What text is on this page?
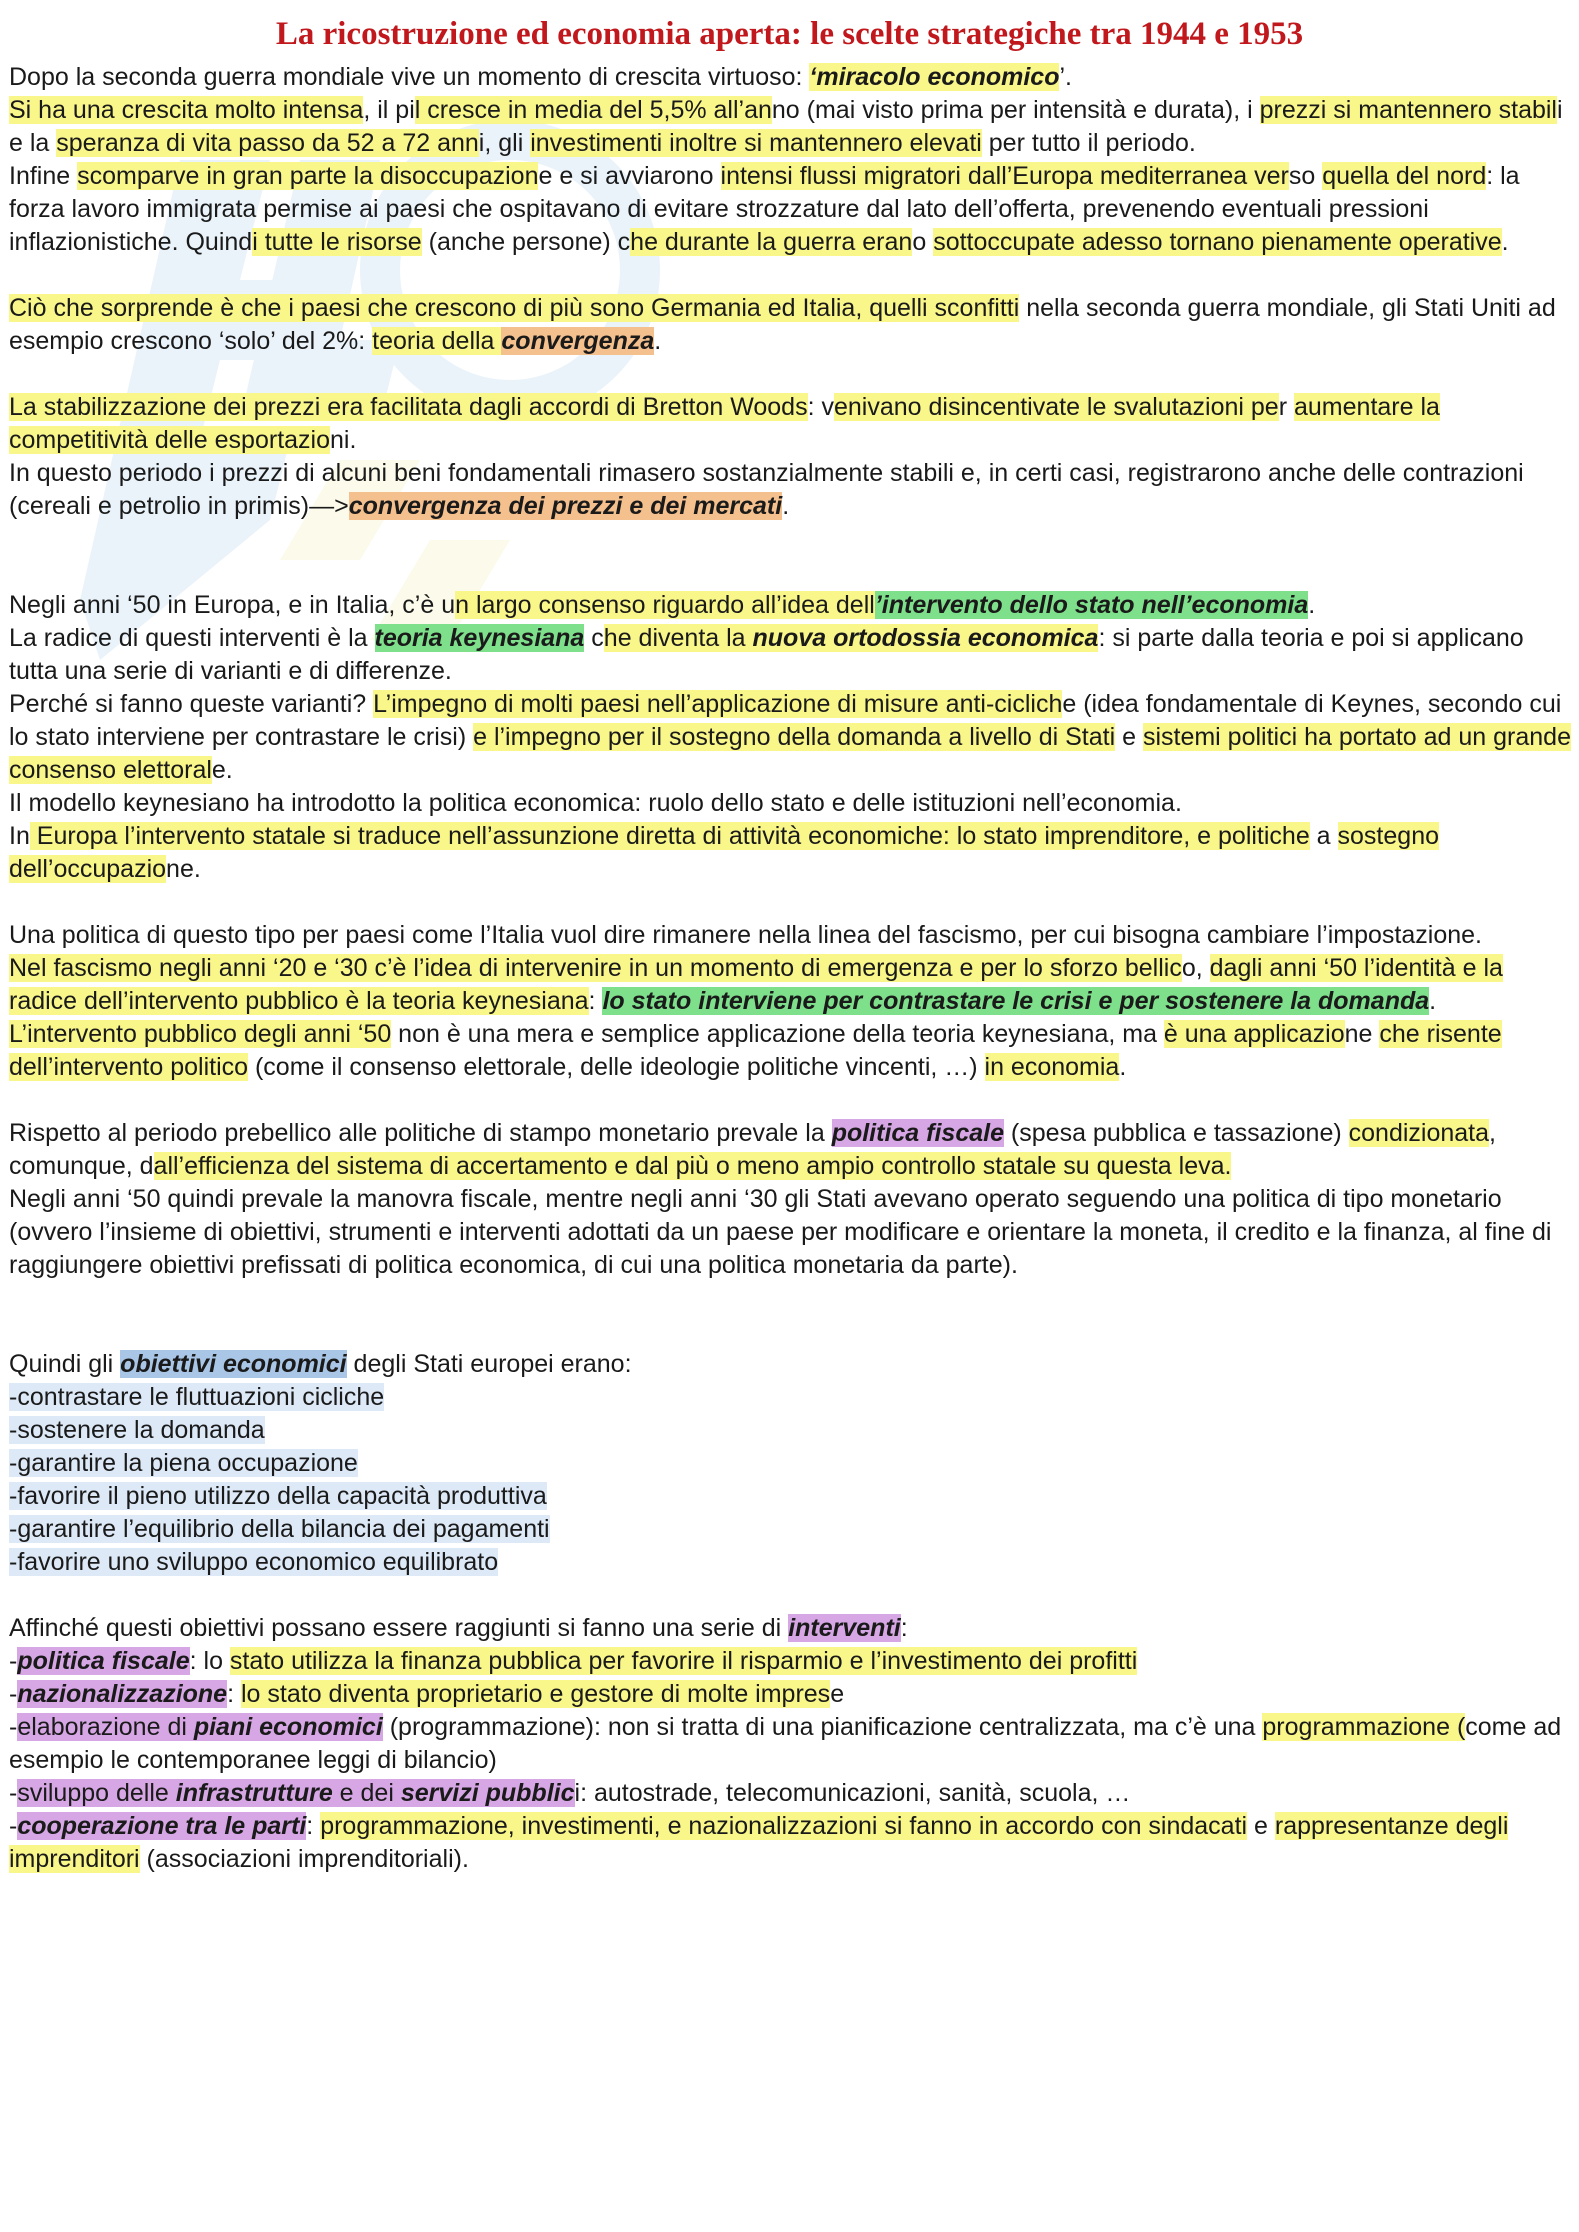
La ricostruzione ed economia aperta: le scelte strategiche tra 1944 e 1953

Dopo la seconda guerra mondiale vive un momento di crescita virtuoso: ‘miracolo economico’.

Si ha una crescita molto intensa, il pil cresce in media del 5,5% all’anno (mai visto prima per intensità e durata), i prezzi si mantennero stabili e la speranza di vita passo da 52 a 72 anni, gli investimenti inoltre si mantennero elevati per tutto il periodo.

Infine scomparve in gran parte la disoccupazione e si avviarono intensi flussi migratori dall’Europa mediterranea verso quella del nord: la forza lavoro immigrata permise ai paesi che ospitavano di evitare strozzature dal lato dell’offerta, prevenendo eventuali pressioni inflazionistiche. Quindi tutte le risorse (anche persone) che durante la guerra erano sottoccupate adesso tornano pienamente operative.

Ciò che sorprende è che i paesi che crescono di più sono Germania ed Italia, quelli sconfitti nella seconda guerra mondiale, gli Stati Uniti ad esempio crescono ‘solo’ del 2%: teoria della convergenza.

La stabilizzazione dei prezzi era facilitata dagli accordi di Bretton Woods: venivano disincentivate le svalutazioni per aumentare la competitività delle esportazioni.

In questo periodo i prezzi di alcuni beni fondamentali rimasero sostanzialmente stabili e, in certi casi, registrarono anche delle contrazioni (cereali e petrolio in primis)—>convergenza dei prezzi e dei mercati.

Negli anni ‘50 in Europa, e in Italia, c’è un largo consenso riguardo all’idea dell’intervento dello stato nell’economia.

La radice di questi interventi è la teoria keynesiana che diventa la nuova ortodossia economica: si parte dalla teoria e poi si applicano tutta una serie di varianti e di differenze.

Perché si fanno queste varianti? L’impegno di molti paesi nell’applicazione di misure anti-cicliche (idea fondamentale di Keynes, secondo cui lo stato interviene per contrastare le crisi) e l’impegno per il sostegno della domanda a livello di Stati e sistemi politici ha portato ad un grande consenso elettorale.

Il modello keynesiano ha introdotto la politica economica: ruolo dello stato e delle istituzioni nell’economia.

In Europa l’intervento statale si traduce nell’assunzione diretta di attività economiche: lo stato imprenditore, e politiche a sostegno dell’occupazione.

Una politica di questo tipo per paesi come l’Italia vuol dire rimanere nella linea del fascismo, per cui bisogna cambiare l’impostazione.

Nel fascismo negli anni ‘20 e ‘30 c’è l’idea di intervenire in un momento di emergenza e per lo sforzo bellico, dagli anni ‘50 l’identità e la radice dell’intervento pubblico è la teoria keynesiana: lo stato interviene per contrastare le crisi e per sostenere la domanda.

L’intervento pubblico degli anni ‘50 non è una mera e semplice applicazione della teoria keynesiana, ma è una applicazione che risente dell’intervento politico (come il consenso elettorale, delle ideologie politiche vincenti, …) in economia.

Rispetto al periodo prebellico alle politiche di stampo monetario prevale la politica fiscale (spesa pubblica e tassazione) condizionata, comunque, dall’efficienza del sistema di accertamento e dal più o meno ampio controllo statale su questa leva.

Negli anni ‘50 quindi prevale la manovra fiscale, mentre negli anni ‘30 gli Stati avevano operato seguendo una politica di tipo monetario (ovvero l’insieme di obiettivi, strumenti e interventi adottati da un paese per modificare e orientare la moneta, il credito e la finanza, al fine di raggiungere obiettivi prefissati di politica economica, di cui una politica monetaria da parte).

Quindi gli obiettivi economici degli Stati europei erano:

-contrastare le fluttuazioni cicliche

-sostenere la domanda

-garantire la piena occupazione

-favorire il pieno utilizzo della capacità produttiva

-garantire l’equilibrio della bilancia dei pagamenti

-favorire uno sviluppo economico equilibrato

Affinché questi obiettivi possano essere raggiunti si fanno una serie di interventi:

-politica fiscale: lo stato utilizza la finanza pubblica per favorire il risparmio e l’investimento dei profitti

-nazionalizzazione: lo stato diventa proprietario e gestore di molte imprese

-elaborazione di piani economici (programmazione): non si tratta di una pianificazione centralizzata, ma c’è una programmazione (come ad esempio le contemporanee leggi di bilancio)

-sviluppo delle infrastrutture e dei servizi pubblici: autostrade, telecomunicazioni, sanità, scuola, …

-cooperazione tra le parti: programmazione, investimenti, e nazionalizzazioni si fanno in accordo con sindacati e rappresentanze degli imprenditori (associazioni imprenditoriali).
